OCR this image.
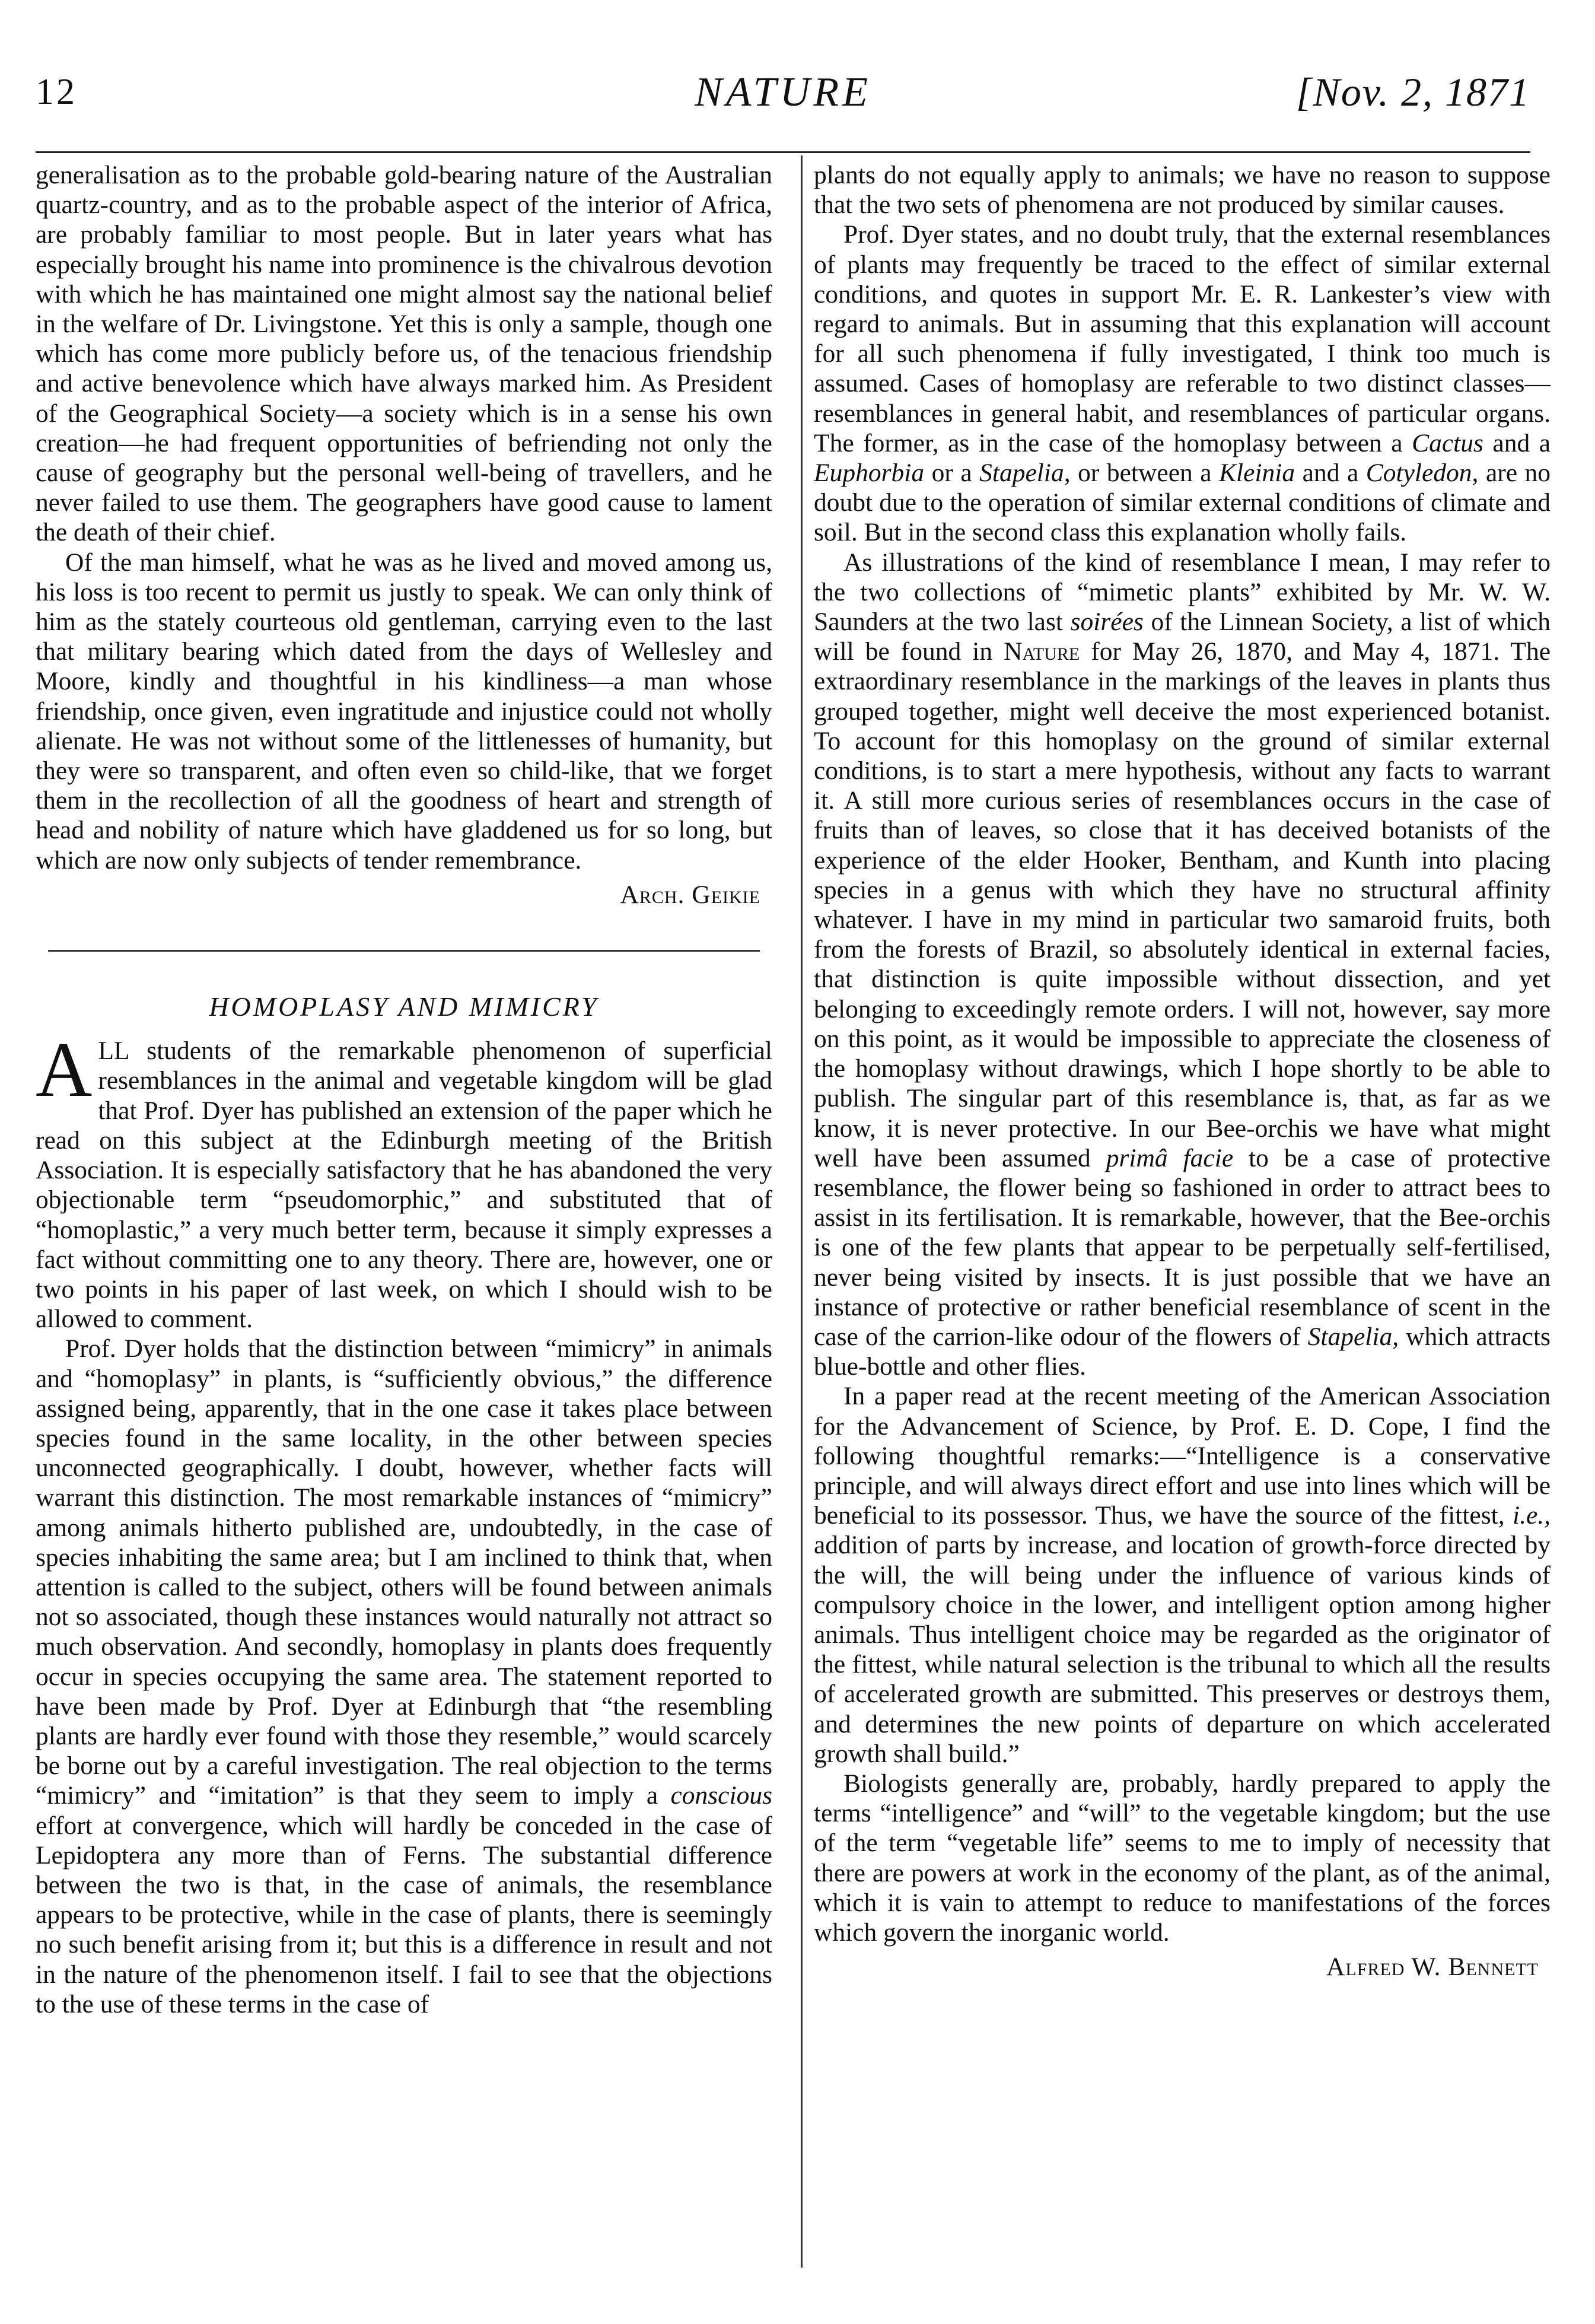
12	NATURE	[Nov. 2, 1871

generalisation as to the probable gold-bearing nature of the Australian quartz-country, and as to the probable aspect of the interior of Africa, are probably familiar to most people. But in later years what has especially brought his name into prominence is the chivalrous devotion with which he has maintained one might almost say the national belief in the welfare of Dr. Livingstone. Yet this is only a sample, though one which has come more publicly before us, of the tenacious friendship and active benevolence which have always marked him. As President of the Geographical Society—a society which is in a sense his own creation—he had frequent opportunities of befriending not only the cause of geography but the personal well-being of travellers, and he never failed to use them. The geographers have good cause to lament the death of their chief.

Of the man himself, what he was as he lived and moved among us, his loss is too recent to permit us justly to speak. We can only think of him as the stately courteous old gentleman, carrying even to the last that military bearing which dated from the days of Wellesley and Moore, kindly and thoughtful in his kindliness—a man whose friendship, once given, even ingratitude and injustice could not wholly alienate. He was not without some of the littlenesses of humanity, but they were so transparent, and often even so child-like, that we forget them in the recollection of all the goodness of heart and strength of head and nobility of nature which have gladdened us for so long, but which are now only subjects of tender remembrance.

Arch. Geikie
HOMOPLASY AND MIMICRY

ALL students of the remarkable phenomenon of superficial resemblances in the animal and vegetable kingdom will be glad that Prof. Dyer has published an extension of the paper which he read on this subject at the Edinburgh meeting of the British Association. It is especially satisfactory that he has abandoned the very objectionable term “pseudomorphic,” and substituted that of “homoplastic,” a very much better term, because it simply expresses a fact without committing one to any theory. There are, however, one or two points in his paper of last week, on which I should wish to be allowed to comment.

Prof. Dyer holds that the distinction between “mimicry” in animals and “homoplasy” in plants, is “sufficiently obvious,” the difference assigned being, apparently, that in the one case it takes place between species found in the same locality, in the other between species unconnected geographically. I doubt, however, whether facts will warrant this distinction. The most remarkable instances of “mimicry” among animals hitherto published are, undoubtedly, in the case of species inhabiting the same area; but I am inclined to think that, when attention is called to the subject, others will be found between animals not so associated, though these instances would naturally not attract so much observation. And secondly, homoplasy in plants does frequently occur in species occupying the same area. The statement reported to have been made by Prof. Dyer at Edinburgh that “the resembling plants are hardly ever found with those they resemble,” would scarcely be borne out by a careful investigation. The real objection to the terms “mimicry” and “imitation” is that they seem to imply a conscious effort at convergence, which will hardly be conceded in the case of Lepidoptera any more than of Ferns. The substantial difference between the two is that, in the case of animals, the resemblance appears to be protective, while in the case of plants, there is seemingly no such benefit arising from it; but this is a difference in result and not in the nature of the phenomenon itself. I fail to see that the objections to the use of these terms in the case of

plants do not equally apply to animals; we have no reason to suppose that the two sets of phenomena are not produced by similar causes.

Prof. Dyer states, and no doubt truly, that the external resemblances of plants may frequently be traced to the effect of similar external conditions, and quotes in support Mr. E. R. Lankester’s view with regard to animals. But in assuming that this explanation will account for all such phenomena if fully investigated, I think too much is assumed. Cases of homoplasy are referable to two distinct classes—resemblances in general habit, and resemblances of particular organs. The former, as in the case of the homoplasy between a Cactus and a Euphorbia or a Stapelia, or between a Kleinia and a Cotyledon, are no doubt due to the operation of similar external conditions of climate and soil. But in the second class this explanation wholly fails.

As illustrations of the kind of resemblance I mean, I may refer to the two collections of “mimetic plants” exhibited by Mr. W. W. Saunders at the two last soirées of the Linnean Society, a list of which will be found in Nature for May 26, 1870, and May 4, 1871. The extraordinary resemblance in the markings of the leaves in plants thus grouped together, might well deceive the most experienced botanist. To account for this homoplasy on the ground of similar external conditions, is to start a mere hypothesis, without any facts to warrant it. A still more curious series of resemblances occurs in the case of fruits than of leaves, so close that it has deceived botanists of the experience of the elder Hooker, Bentham, and Kunth into placing species in a genus with which they have no structural affinity whatever. I have in my mind in particular two samaroid fruits, both from the forests of Brazil, so absolutely identical in external facies, that distinction is quite impossible without dissection, and yet belonging to exceedingly remote orders. I will not, however, say more on this point, as it would be impossible to appreciate the closeness of the homoplasy without drawings, which I hope shortly to be able to publish. The singular part of this resemblance is, that, as far as we know, it is never protective. In our Bee-orchis we have what might well have been assumed primâ facie to be a case of protective resemblance, the flower being so fashioned in order to attract bees to assist in its fertilisation. It is remarkable, however, that the Bee-orchis is one of the few plants that appear to be perpetually self-fertilised, never being visited by insects. It is just possible that we have an instance of protective or rather beneficial resemblance of scent in the case of the carrion-like odour of the flowers of Stapelia, which attracts blue-bottle and other flies.

In a paper read at the recent meeting of the American Association for the Advancement of Science, by Prof. E. D. Cope, I find the following thoughtful remarks:—“Intelligence is a conservative principle, and will always direct effort and use into lines which will be beneficial to its possessor. Thus, we have the source of the fittest, i.e., addition of parts by increase, and location of growth-force directed by the will, the will being under the influence of various kinds of compulsory choice in the lower, and intelligent option among higher animals. Thus intelligent choice may be regarded as the originator of the fittest, while natural selection is the tribunal to which all the results of accelerated growth are submitted. This preserves or destroys them, and determines the new points of departure on which accelerated growth shall build.”

Biologists generally are, probably, hardly prepared to apply the terms “intelligence” and “will” to the vegetable kingdom; but the use of the term “vegetable life” seems to me to imply of necessity that there are powers at work in the economy of the plant, as of the animal, which it is vain to attempt to reduce to manifestations of the forces which govern the inorganic world.

Alfred W. Bennett
